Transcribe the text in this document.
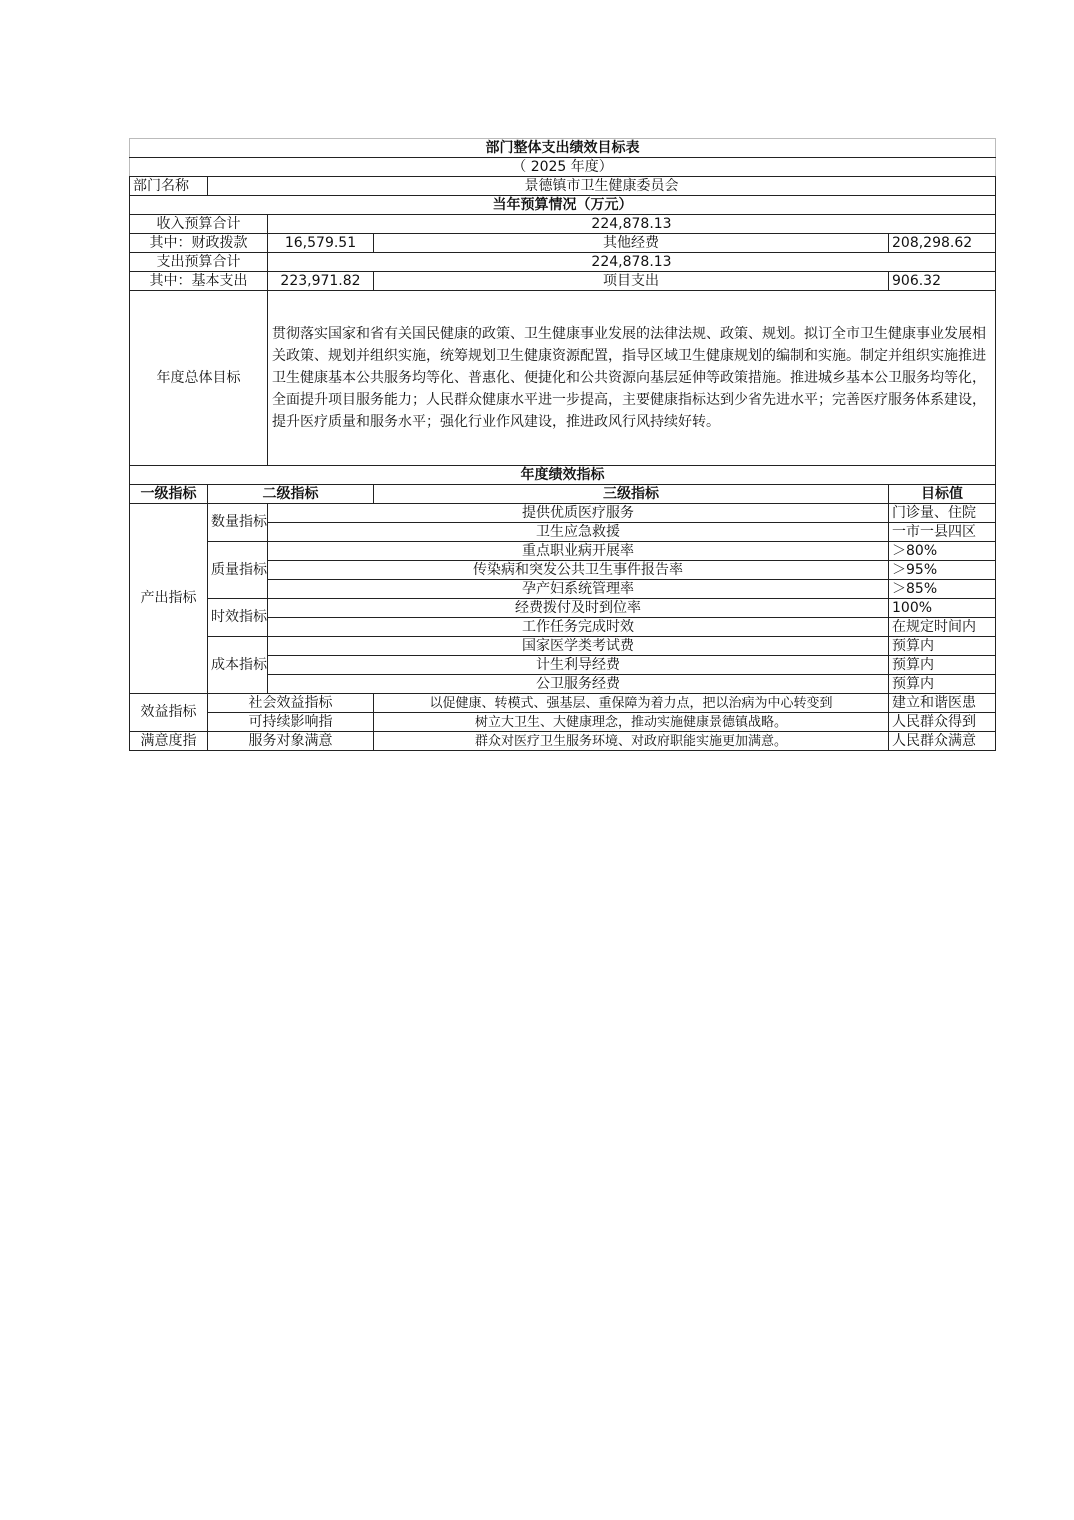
部门整体支出绩效目标表				
（ 2025 年度）				
部门名称	景德镇市卫生健康委员会			
当年预算情况（万元）				
收入预算合计		224,878.13		
其中：财政拨款		16,579.51	其他经费	208,298.62
支出预算合计		224,878.13		
其中：基本支出		223,971.82	项目支出	906.32
年度总体目标		贯彻落实国家和省有关国民健康的政策、卫生健康事业发展的法律法规、政策、规划。拟订全市卫生健康事业发展相关政策、规划并组织实施，统筹规划卫生健康资源配置，指导区域卫生健康规划的编制和实施。制定并组织实施推进卫生健康基本公共服务均等化、普惠化、便捷化和公共资源向基层延伸等政策措施。推进城乡基本公卫服务均等化，全面提升项目服务能力；人民群众健康水平进一步提高，主要健康指标达到少省先进水平；完善医疗服务体系建设，提升医疗质量和服务水平；强化行业作风建设，推进政风行风持续好转。		
年度绩效指标				
一级指标	二级指标		三级指标	目标值
产出指标	数量指标	提供优质医疗服务		门诊量、住院
		卫生应急救援		一市一县四区
	质量指标	重点职业病开展率		＞80%
		传染病和突发公共卫生事件报告率		＞95%
		孕产妇系统管理率		＞85%
	时效指标	经费拨付及时到位率		100%
		工作任务完成时效		在规定时间内
	成本指标	国家医学类考试费		预算内
		计生利导经费		预算内
		公卫服务经费		预算内
效益指标	社会效益指标		以促健康、转模式、强基层、重保障为着力点，把以治病为中心转变到	建立和谐医患
	可持续影响指		树立大卫生、大健康理念，推动实施健康景德镇战略。	人民群众得到
满意度指	服务对象满意		群众对医疗卫生服务环境、对政府职能实施更加满意。	人民群众满意
